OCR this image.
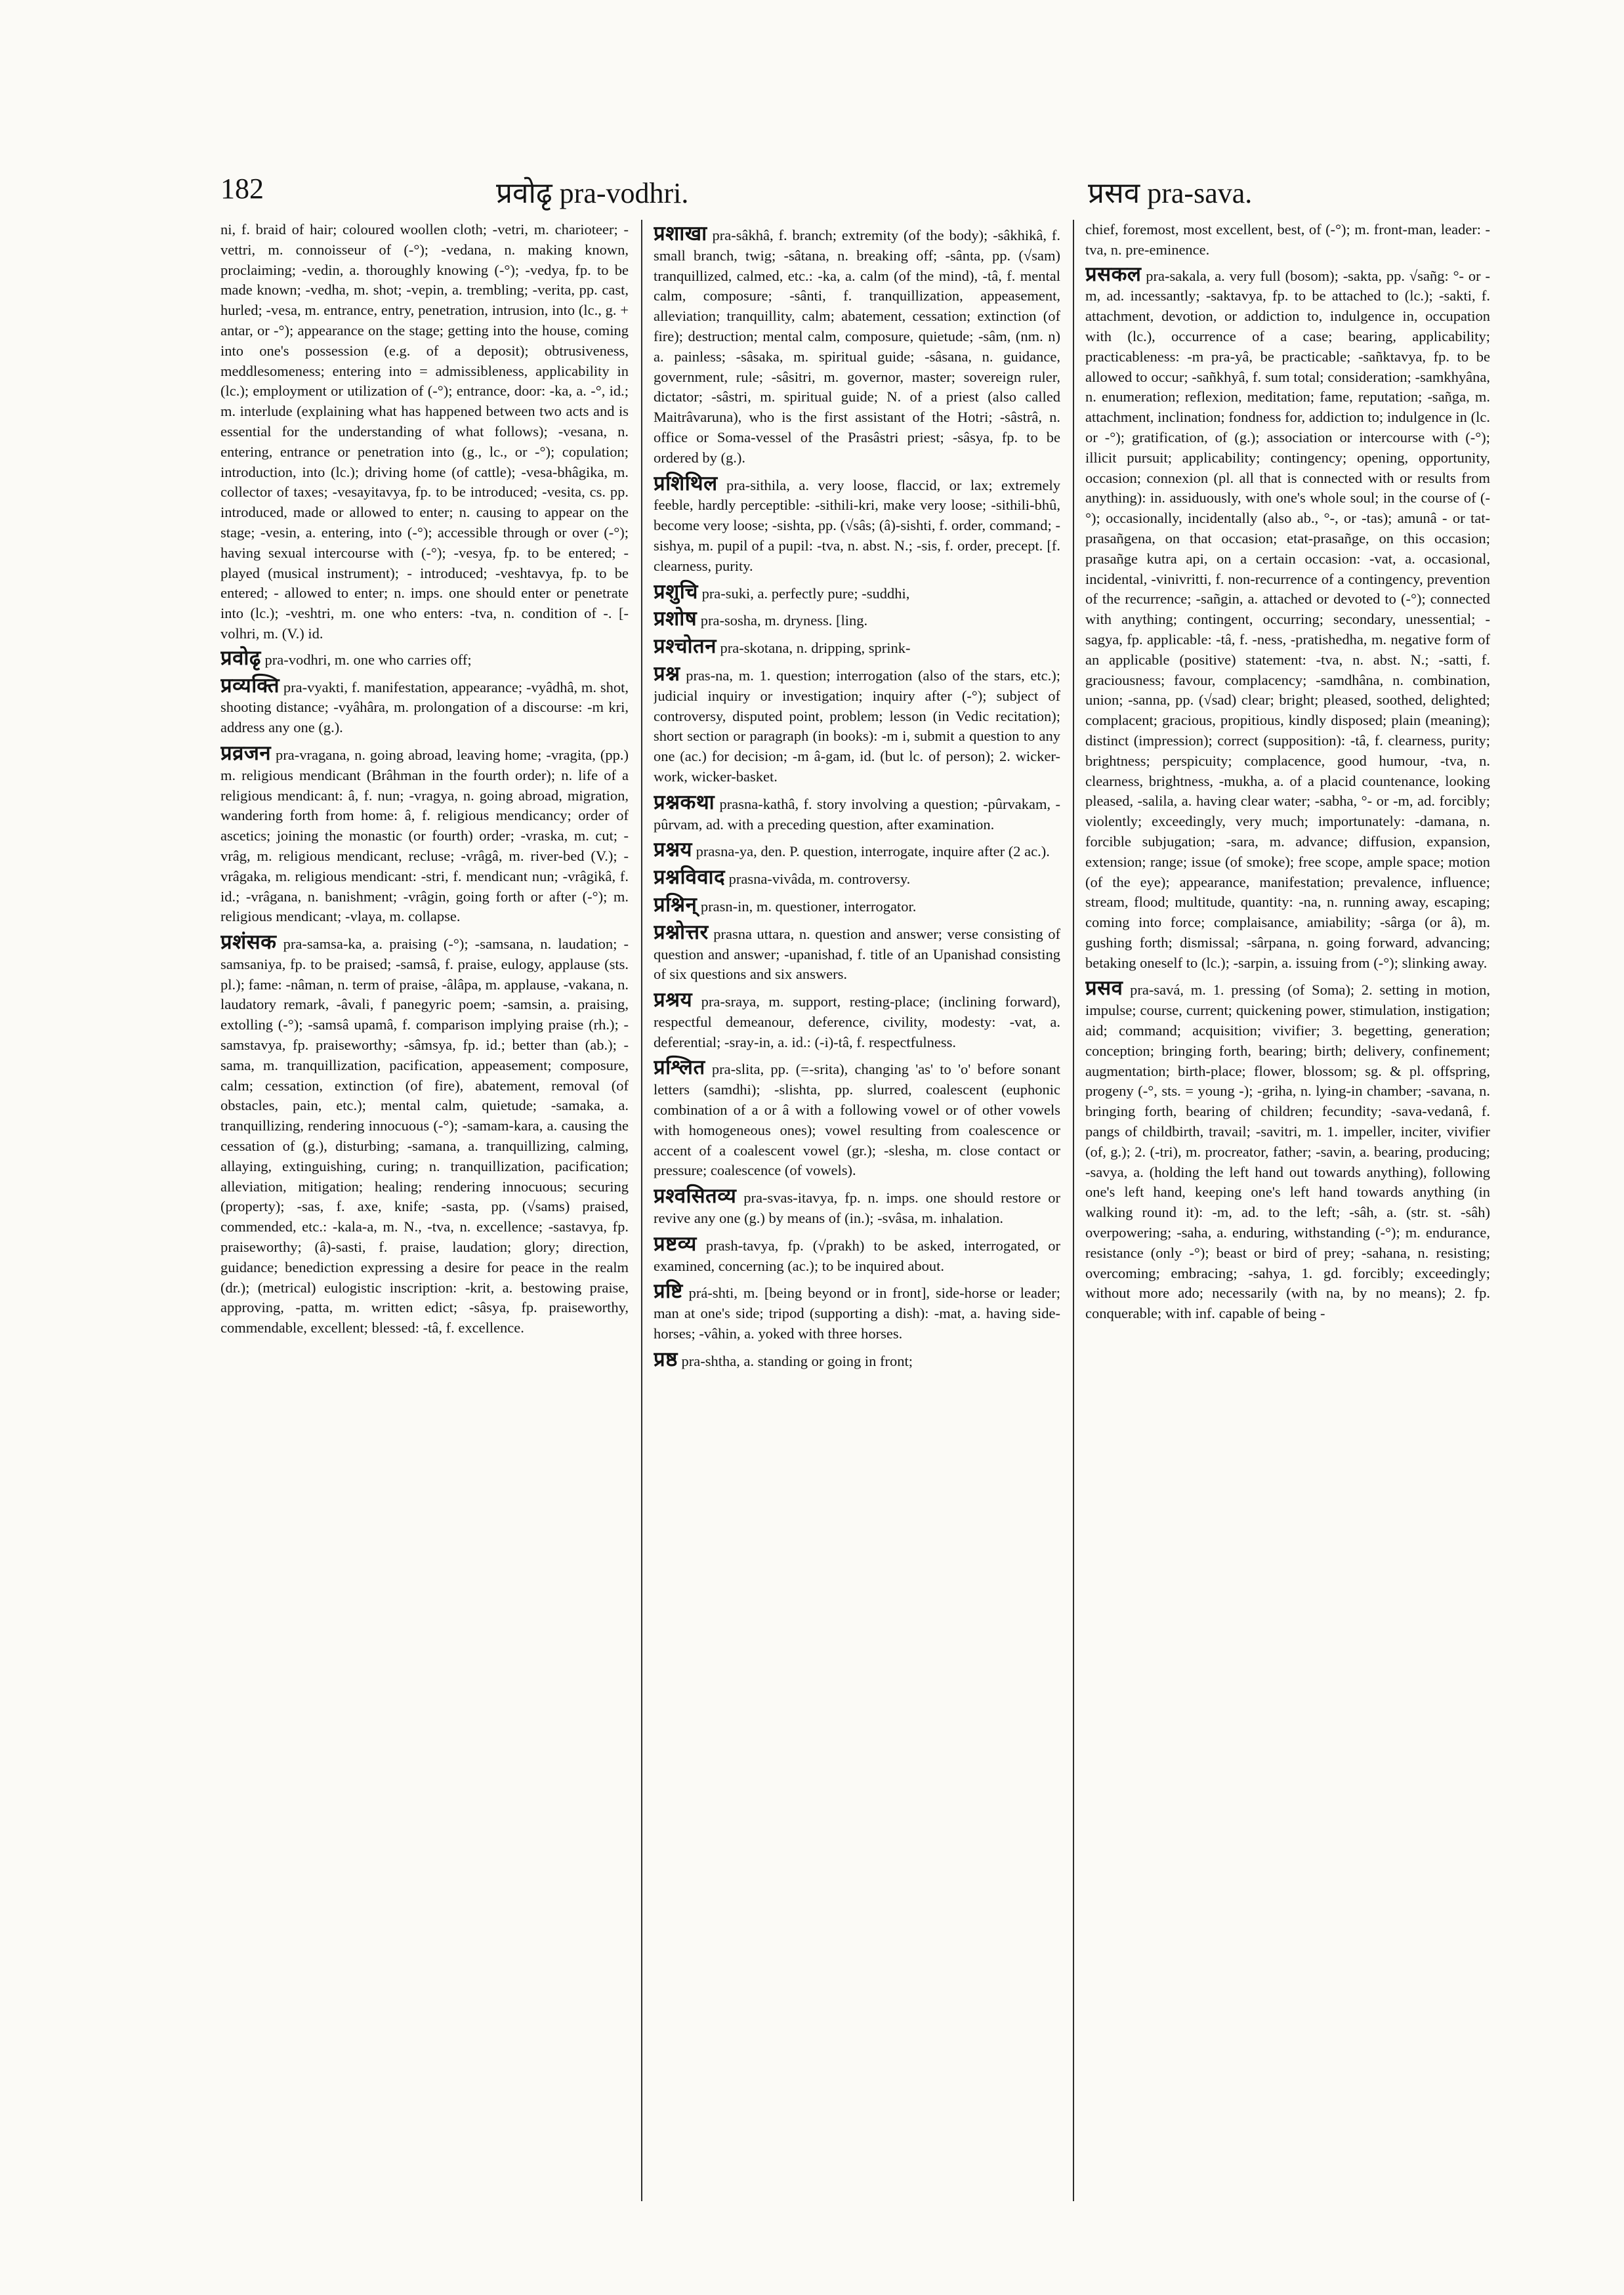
182	प्रवोढृ pra-vodhri.	प्रसव pra-sava.

ni, f. braid of hair; coloured woollen cloth; -vetri, m. charioteer; -vettri, m. connoisseur of (-°); -vedana, n. making known, proclaiming; -vedin, a. thoroughly knowing (-°); -vedya, fp. to be made known; -vedha, m. shot; -vepin, a. trembling; -verita, pp. cast, hurled; -vesa, m. entrance, entry, penetration, intrusion, into (lc., g. + antar, or -°); appearance on the stage; getting into the house, coming into one's possession (e.g. of a deposit); obtrusiveness, meddlesomeness; entering into = admissibleness, applicability in (lc.); employment or utilization of (-°); entrance, door: -ka, a. -°, id.; m. interlude (explaining what has happened between two acts and is essential for the understanding of what follows); -vesana, n. entering, entrance or penetration into (g., lc., or -°); copulation; introduction, into (lc.); driving home (of cattle); -vesa-bhâgika, m. collector of taxes; -vesayitavya, fp. to be introduced; -vesita, cs. pp. introduced, made or allowed to enter; n. causing to appear on the stage; -vesin, a. entering, into (-°); accessible through or over (-°); having sexual intercourse with (-°); -vesya, fp. to be entered; - played (musical instrument); - introduced; -veshtavya, fp. to be entered; - allowed to enter; n. imps. one should enter or penetrate into (lc.); -veshtri, m. one who enters: -tva, n. condition of -. [-volhri, m. (V.) id.

प्रवोढृ pra-vodhri, m. one who carries off;

प्रव्यक्ति pra-vyakti, f. manifestation, appearance; -vyâdhâ, m. shot, shooting distance; -vyâhâra, m. prolongation of a discourse: -m kri, address any one (g.).

प्रव्रजन pra-vragana, n. going abroad, leaving home; -vragita, (pp.) m. religious mendicant (Brâhman in the fourth order); n. life of a religious mendicant: â, f. nun; -vragya, n. going abroad, migration, wandering forth from home: â, f. religious mendicancy; order of ascetics; joining the monastic (or fourth) order; -vraska, m. cut; -vrâg, m. religious mendicant, recluse; -vrâgâ, m. river-bed (V.); -vrâgaka, m. religious mendicant: -stri, f. mendicant nun; -vrâgikâ, f. id.; -vrâgana, n. banishment; -vrâgin, going forth or after (-°); m. religious mendicant; -vlaya, m. collapse.

प्रशंसक pra-samsa-ka, a. praising (-°); -samsana, n. laudation; -samsaniya, fp. to be praised; -samsâ, f. praise, eulogy, applause (sts. pl.); fame: -nâman, n. term of praise, -âlâpa, m. applause, -vakana, n. laudatory remark, -âvali, f panegyric poem; -samsin, a. praising, extolling (-°); -samsâ upamâ, f. comparison implying praise (rh.); -samstavya, fp. praiseworthy; -sâmsya, fp. id.; better than (ab.); -sama, m. tranquillization, pacification, appeasement; composure, calm; cessation, extinction (of fire), abatement, removal (of obstacles, pain, etc.); mental calm, quietude; -samaka, a. tranquillizing, rendering innocuous (-°); -samam-kara, a. causing the cessation of (g.), disturbing; -samana, a. tranquillizing, calming, allaying, extinguishing, curing; n. tranquillization, pacification; alleviation, mitigation; healing; rendering innocuous; securing (property); -sas, f. axe, knife; -sasta, pp. (√sams) praised, commended, etc.: -kala-a, m. N., -tva, n. excellence; -sastavya, fp. praiseworthy; (â)-sasti, f. praise, laudation; glory; direction, guidance; benediction expressing a desire for peace in the realm (dr.); (metrical) eulogistic inscription: -krit, a. bestowing praise, approving, -patta, m. written edict; -sâsya, fp. praiseworthy, commendable, excellent; blessed: -tâ, f. excellence.

प्रशाखा pra-sâkhâ, f. branch; extremity (of the body); -sâkhikâ, f. small branch, twig; -sâtana, n. breaking off; -sânta, pp. (√sam) tranquillized, calmed, etc.: -ka, a. calm (of the mind), -tâ, f. mental calm, composure; -sânti, f. tranquillization, appeasement, alleviation; tranquillity, calm; abatement, cessation; extinction (of fire); destruction; mental calm, composure, quietude; -sâm, (nm. n) a. painless; -sâsaka, m. spiritual guide; -sâsana, n. guidance, government, rule; -sâsitri, m. governor, master; sovereign ruler, dictator; -sâstri, m. spiritual guide; N. of a priest (also called Maitrâvaruna), who is the first assistant of the Hotri; -sâstrâ, n. office or Soma-vessel of the Prasâstri priest; -sâsya, fp. to be ordered by (g.).

प्रशिथिल pra-sithila, a. very loose, flaccid, or lax; extremely feeble, hardly perceptible: -sithili-kri, make very loose; -sithili-bhû, become very loose; -sishta, pp. (√sâs; (â)-sishti, f. order, command; -sishya, m. pupil of a pupil: -tva, n. abst. N.; -sis, f. order, precept. [f. clearness, purity.

प्रशुचि pra-suki, a. perfectly pure; -suddhi,

प्रशोष pra-sosha, m. dryness. [ling.

प्रश्चोतन pra-skotana, n. dripping, sprink-

प्रश्न pras-na, m. 1. question; interrogation (also of the stars, etc.); judicial inquiry or investigation; inquiry after (-°); subject of controversy, disputed point, problem; lesson (in Vedic recitation); short section or paragraph (in books): -m i, submit a question to any one (ac.) for decision; -m â-gam, id. (but lc. of person); 2. wicker-work, wicker-basket.

प्रश्नकथा prasna-kathâ, f. story involving a question; -pûrvakam, -pûrvam, ad. with a preceding question, after examination.

प्रश्नय prasna-ya, den. P. question, interrogate, inquire after (2 ac.).

प्रश्नविवाद prasna-vivâda, m. controversy.

प्रश्निन् prasn-in, m. questioner, interrogator.

प्रश्नोत्तर prasna uttara, n. question and answer; verse consisting of question and answer; -upanishad, f. title of an Upanishad consisting of six questions and six answers.

प्रश्रय pra-sraya, m. support, resting-place; (inclining forward), respectful demeanour, deference, civility, modesty: -vat, a. deferential; -sray-in, a. id.: (-i)-tâ, f. respectfulness.

प्रश्लित pra-slita, pp. (=-srita), changing 'as' to 'o' before sonant letters (samdhi); -slishta, pp. slurred, coalescent (euphonic combination of a or â with a following vowel or of other vowels with homogeneous ones); vowel resulting from coalescence or accent of a coalescent vowel (gr.); -slesha, m. close contact or pressure; coalescence (of vowels).

प्रश्वसितव्य pra-svas-itavya, fp. n. imps. one should restore or revive any one (g.) by means of (in.); -svâsa, m. inhalation.

प्रष्टव्य prash-tavya, fp. (√prakh) to be asked, interrogated, or examined, concerning (ac.); to be inquired about.

प्रष्टि prá-shti, m. [being beyond or in front], side-horse or leader; man at one's side; tripod (supporting a dish): -mat, a. having side-horses; -vâhin, a. yoked with three horses.

प्रष्ठ pra-shtha, a. standing or going in front;

chief, foremost, most excellent, best, of (-°); m. front-man, leader: -tva, n. pre-eminence.

प्रसकल pra-sakala, a. very full (bosom); -sakta, pp. √sañg: °- or -m, ad. incessantly; -saktavya, fp. to be attached to (lc.); -sakti, f. attachment, devotion, or addiction to, indulgence in, occupation with (lc.), occurrence of a case; bearing, applicability; practicableness: -m pra-yâ, be practicable; -sañktavya, fp. to be allowed to occur; -sañkhyâ, f. sum total; consideration; -samkhyâna, n. enumeration; reflexion, meditation; fame, reputation; -sañga, m. attachment, inclination; fondness for, addiction to; indulgence in (lc. or -°); gratification, of (g.); association or intercourse with (-°); illicit pursuit; applicability; contingency; opening, opportunity, occasion; connexion (pl. all that is connected with or results from anything): in. assiduously, with one's whole soul; in the course of (-°); occasionally, incidentally (also ab., °-, or -tas); amunâ - or tat-prasañgena, on that occasion; etat-prasañge, on this occasion; prasañge kutra api, on a certain occasion: -vat, a. occasional, incidental, -vinivritti, f. non-recurrence of a contingency, prevention of the recurrence; -sañgin, a. attached or devoted to (-°); connected with anything; contingent, occurring; secondary, unessential; -sagya, fp. applicable: -tâ, f. -ness, -pratishedha, m. negative form of an applicable (positive) statement: -tva, n. abst. N.; -satti, f. graciousness; favour, complacency; -samdhâna, n. combination, union; -sanna, pp. (√sad) clear; bright; pleased, soothed, delighted; complacent; gracious, propitious, kindly disposed; plain (meaning); distinct (impression); correct (supposition): -tâ, f. clearness, purity; brightness; perspicuity; complacence, good humour, -tva, n. clearness, brightness, -mukha, a. of a placid countenance, looking pleased, -salila, a. having clear water; -sabha, °- or -m, ad. forcibly; violently; exceedingly, very much; importunately: -damana, n. forcible subjugation; -sara, m. advance; diffusion, expansion, extension; range; issue (of smoke); free scope, ample space; motion (of the eye); appearance, manifestation; prevalence, influence; stream, flood; multitude, quantity: -na, n. running away, escaping; coming into force; complaisance, amiability; -sârga (or â), m. gushing forth; dismissal; -sârpana, n. going forward, advancing; betaking oneself to (lc.); -sarpin, a. issuing from (-°); slinking away.

प्रसव pra-savá, m. 1. pressing (of Soma); 2. setting in motion, impulse; course, current; quickening power, stimulation, instigation; aid; command; acquisition; vivifier; 3. begetting, generation; conception; bringing forth, bearing; birth; delivery, confinement; augmentation; birth-place; flower, blossom; sg. & pl. offspring, progeny (-°, sts. = young -); -griha, n. lying-in chamber; -savana, n. bringing forth, bearing of children; fecundity; -sava-vedanâ, f. pangs of childbirth, travail; -savitri, m. 1. impeller, inciter, vivifier (of, g.); 2. (-tri), m. procreator, father; -savin, a. bearing, producing; -savya, a. (holding the left hand out towards anything), following one's left hand, keeping one's left hand towards anything (in walking round it): -m, ad. to the left; -sâh, a. (str. st. -sâh) overpowering; -saha, a. enduring, withstanding (-°); m. endurance, resistance (only -°); beast or bird of prey; -sahana, n. resisting; overcoming; embracing; -sahya, 1. gd. forcibly; exceedingly; without more ado; necessarily (with na, by no means); 2. fp. conquerable; with inf. capable of being -
